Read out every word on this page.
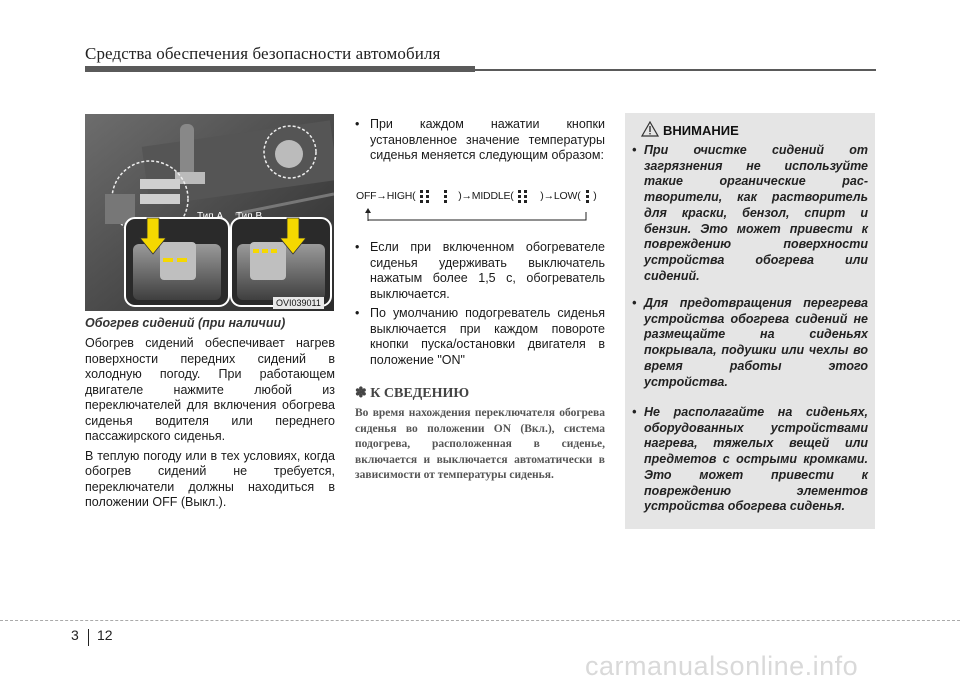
Средства обеспечения безопасности автомобиля
Тип А Тип B
OVI039011
Обогрев сидений (при наличии)

Обогрев сидений обеспечивает нагрев поверхности передних сидений в холодную погоду. При работающем двигателе нажмите любой из переключателей для включения обогрева сиденья водителя или переднего пассажирского сиденья.

В теплую погоду или в тех условиях, когда обогрев сидений не требуется, переключатели должны находиться в положении OFF (Выкл.).

• При каждом нажатии кнопки установленное значение температуры сиденья меняется следующим образом:
OFF→HIGH(	)→MIDDLE(	)→LOW( )
• Если при включенном обогревателе сиденья удерживать выключатель нажатым более 1,5 с, обогреватель выключается.
• По умолчанию подогреватель сиденья выключается при каждом повороте кнопки пуска/остановки двигателя в положение "ON"
✽ К СВЕДЕНИЮ
Во время нахождения переключателя обогрева сиденья во положении ON (Вкл.), система подогрева, расположенная в сиденье, включается и выключается автоматически в зависимости от температуры сиденья.
ВНИМАНИЕ
• При очистке сидений от загрязнения не используйте такие органические рас- творители, как растворитель для краски, бензол, спирт и бензин. Это может привести к повреждению поверхности устройства обогрева или сидений.
• Для предотвращения перегрева устройства обогрева сидений не размещайте на сиденьях покрывала, подушки или чехлы во время работы этого устройства.
• Не располагайте на сиденьях, оборудованных устройствами нагрева, тяжелых вещей или предметов с острыми кромками. Это может привести к повреждению элементов устройства обогрева сиденья.
3 12
carmanualsonline.info
